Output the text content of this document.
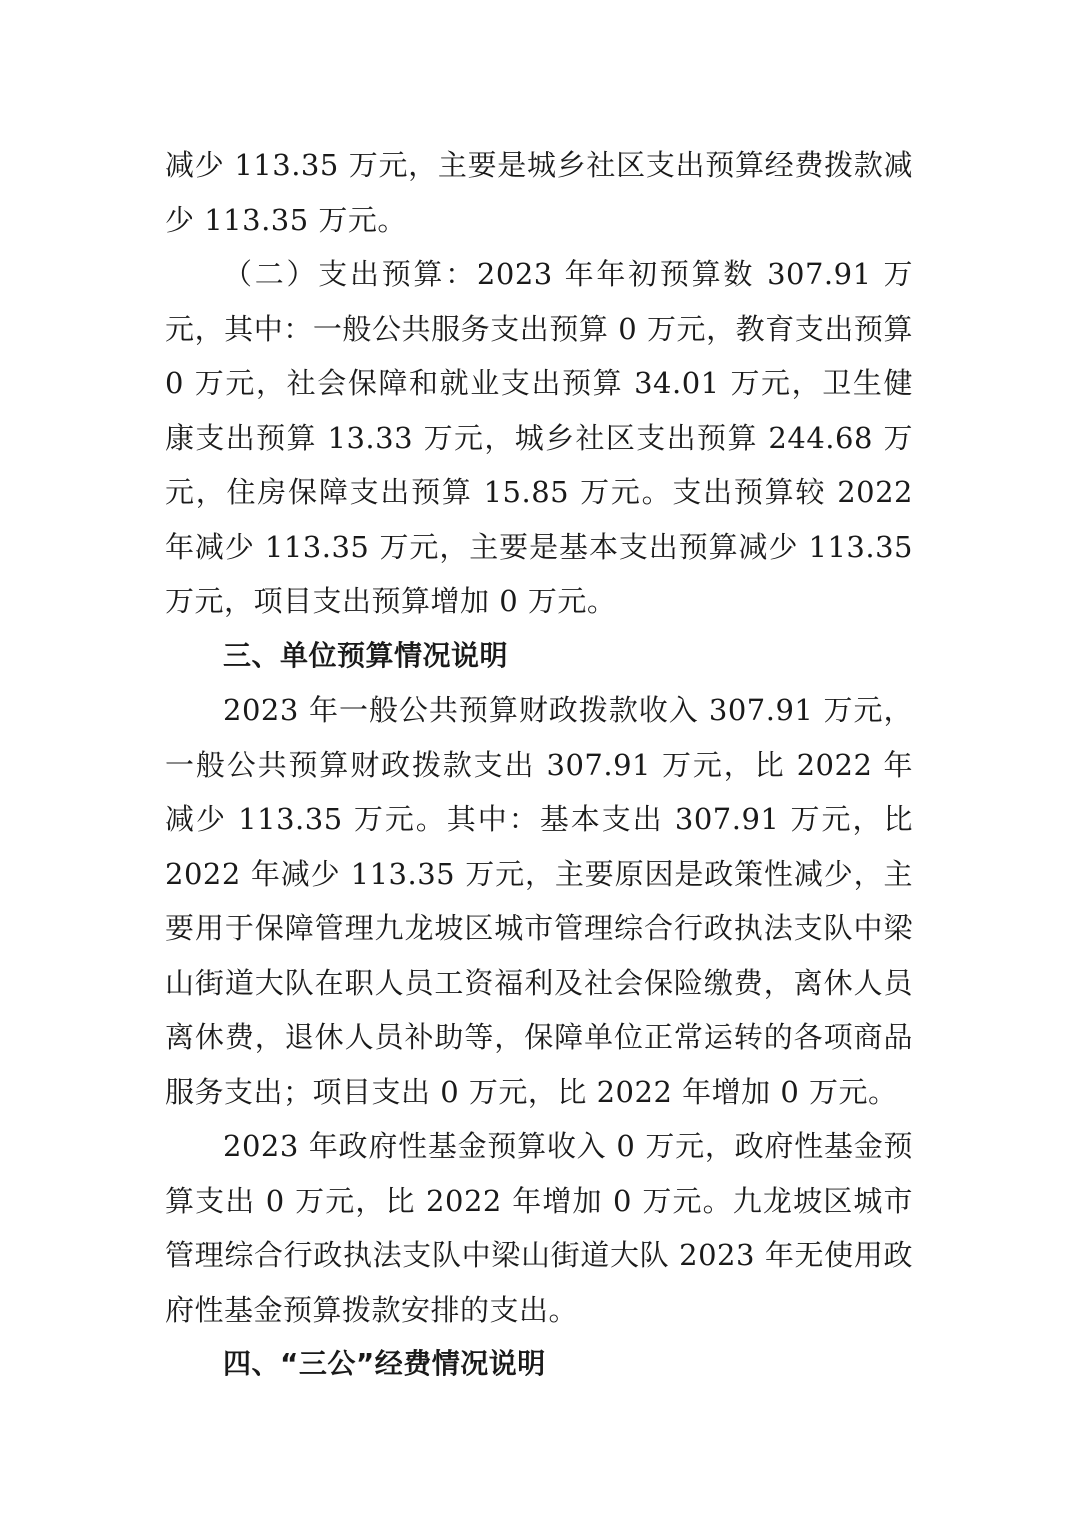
减少 113.35 万元，主要是城乡社区支出预算经费拨款减少 113.35 万元。

（二）支出预算：2023 年年初预算数 307.91 万元，其中：一般公共服务支出预算 0 万元，教育支出预算 0 万元，社会保障和就业支出预算 34.01 万元，卫生健康支出预算 13.33 万元，城乡社区支出预算 244.68 万元，住房保障支出预算 15.85 万元。支出预算较 2022 年减少 113.35 万元，主要是基本支出预算减少 113.35 万元，项目支出预算增加 0 万元。

三、单位预算情况说明

2023 年一般公共预算财政拨款收入 307.91 万元，一般公共预算财政拨款支出 307.91 万元，比 2022 年减少 113.35 万元。其中：基本支出 307.91 万元，比 2022 年减少 113.35 万元，主要原因是政策性减少，主要用于保障管理九龙坡区城市管理综合行政执法支队中梁山街道大队在职人员工资福利及社会保险缴费，离休人员离休费，退休人员补助等，保障单位正常运转的各项商品服务支出；项目支出 0 万元，比 2022 年增加 0 万元。

2023 年政府性基金预算收入 0 万元，政府性基金预算支出 0 万元，比 2022 年增加 0 万元。九龙坡区城市管理综合行政执法支队中梁山街道大队 2023 年无使用政府性基金预算拨款安排的支出。

四、“三公”经费情况说明
